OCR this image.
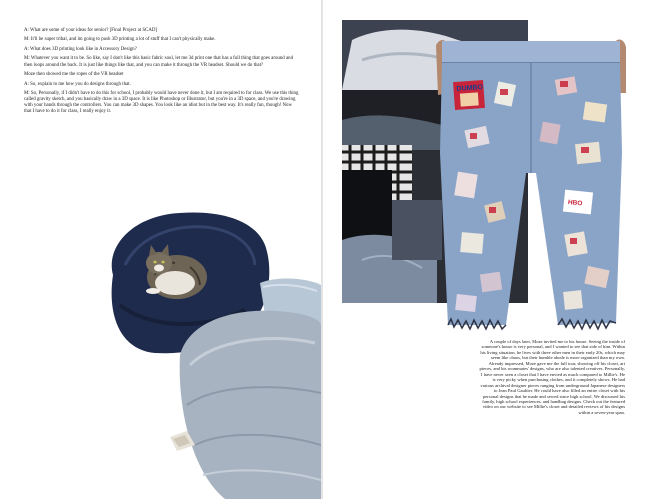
A: What are some of your ideas for senior? [Final Project at SCAD]

M: It'll be super tribal, and im going to push 3D printing a lot of stuff that I can't physically make.

A: What does 3D printing look like in Accessory Design?

M: Whatever you want it to be. So like, say I don't like this basic fabric soul, let me 3d print one that has a full thing that goes around and then loops around the back. It is just like things like that, and you can make it through the VR headset. Should we do that?

Moze then showed me the ropes of the VR headset

A: So, explain to me how you do designs through that.

M: So, Personally, if I didn't have to do this for school, I probably would have never done it, but I am required to for class. We use this thing called gravity sketch, and you basically draw in a 3D space. It is like Photoshop or Illustrator, but you're in a 3D space, and you're drawing with your hands through the controllers. You can make 3D shapes. You look like an idiot but in the best way. It's really fun, though! Now that I have to do it for class, I really enjoy it.

DUMBO
HBO
A couple of days later, Moze invited me to his house. Seeing the inside of someone's house is very personal, and I wanted to see that side of him. Within his living situation, he lives with three other men in their early 20s, which may seem like chaos, but their humble abode is more organized than my own. Already impressed, Moze gave me the full tour, showing off his closet, art pieces, and his roommates' designs, who are also talented creatives. Personally, I have never seen a closet that I have envied as much compared to Millie's. He is very picky when purchasing clothes, and it completely shows. He had various archival designer pieces ranging from underground Japanese designers to Jean Paul Gaultier. He could have also filled an entire closet with his personal designs that he made and sewed since high school. We discussed his family, high school experiences, and handbag designs. Check out the featured video on our website to see Millie's closet and detailed reviews of his designs within a seven-year span.
